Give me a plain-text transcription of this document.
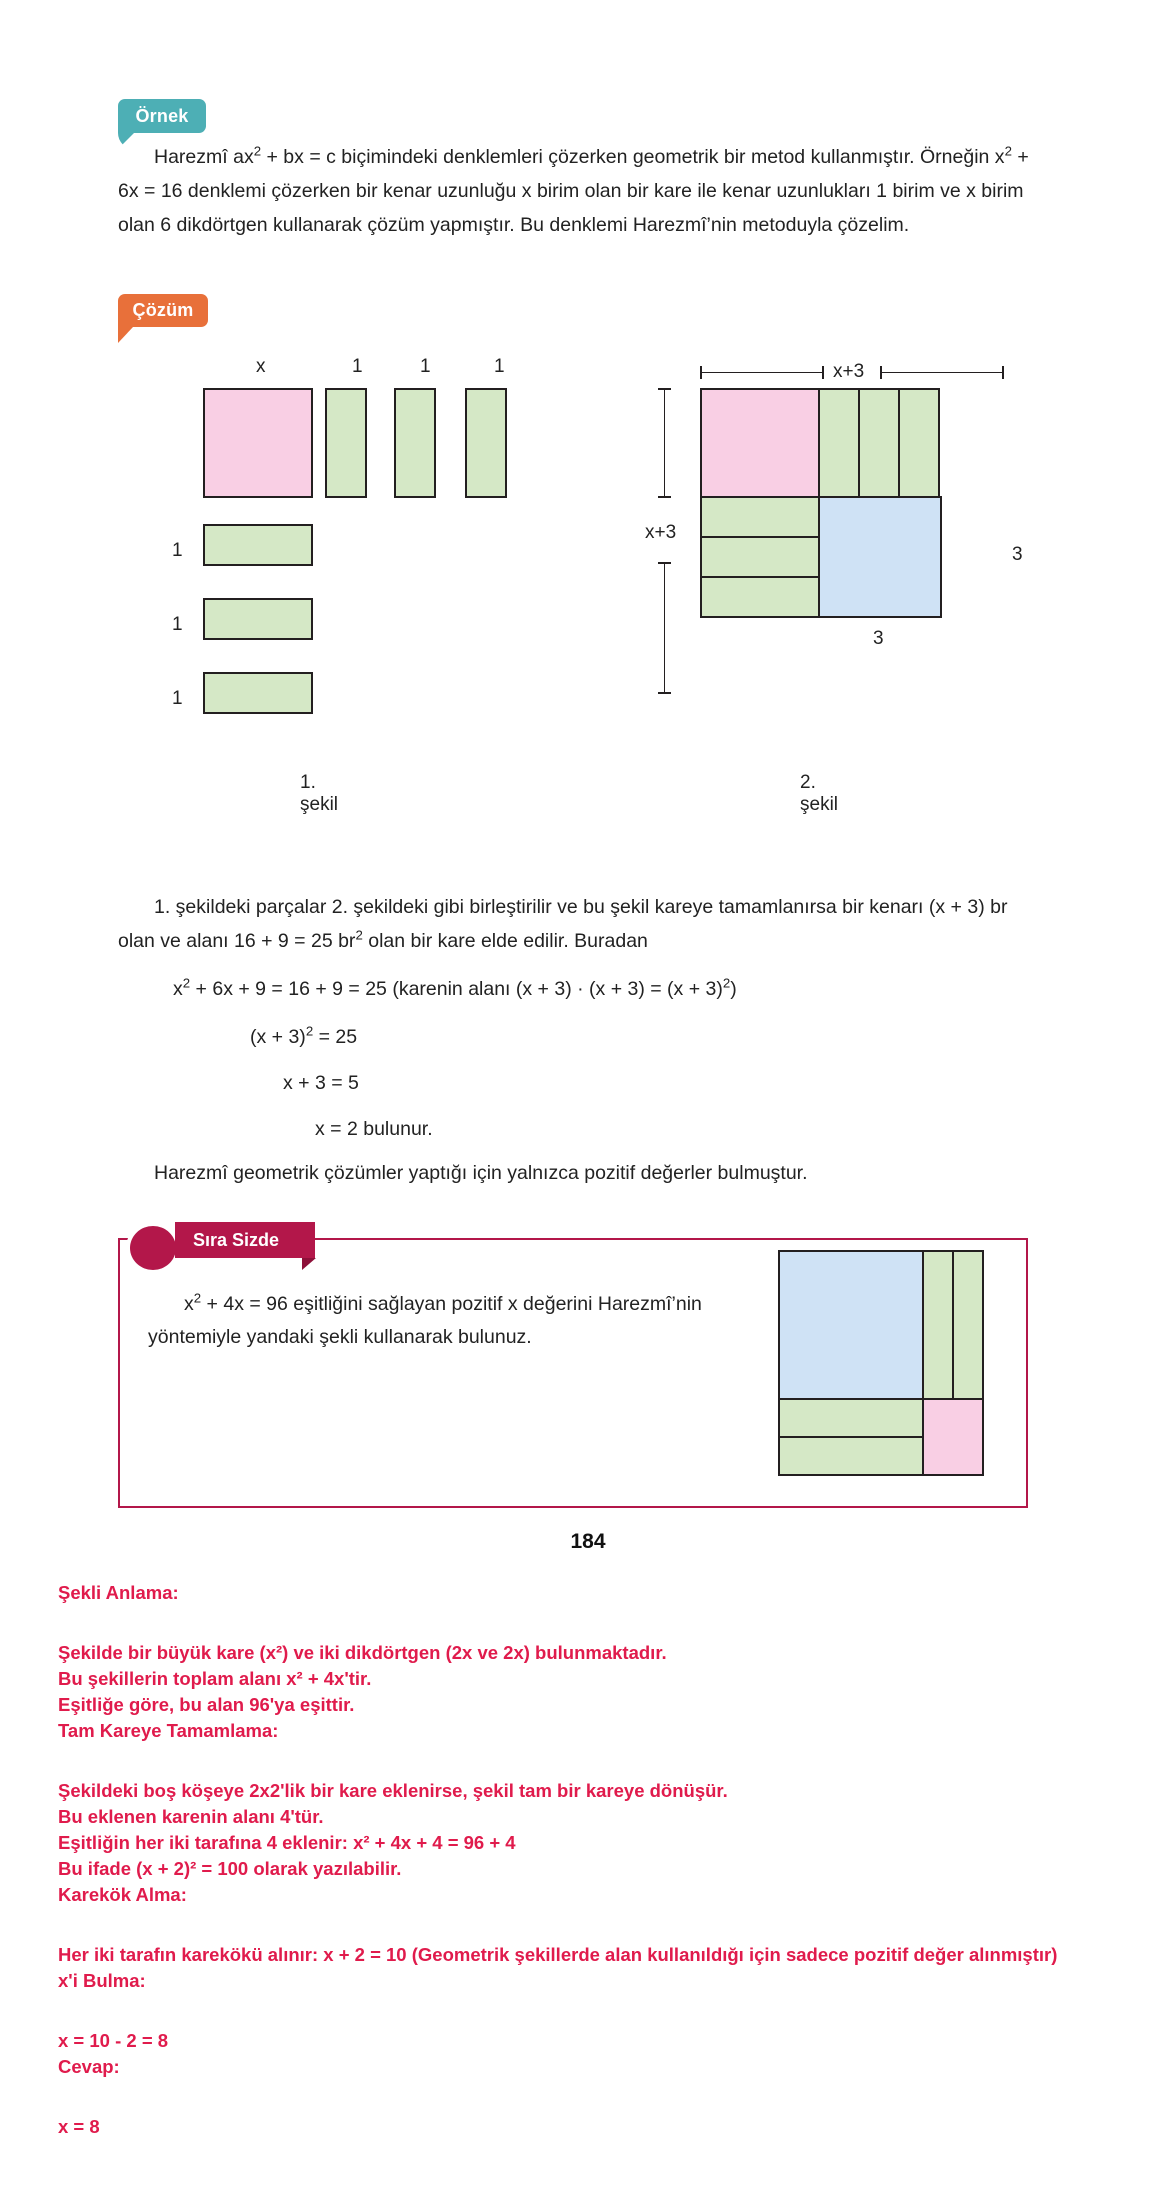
Örnek
Harezmî $ax^2$ + bx = c biçimindeki denklemleri çözerken geometrik bir metod kullanmıştır. Örneğin $x^2 + 6x = 16$ denklemi çözerken bir kenar uzunluğu x birim olan bir kare ile kenar uzunlukları 1 birim ve x birim olan 6 dikdörtgen kullanarak çözüm yapmıştır. Bu denklemi Harezmî’nin metoduyla çözelim.
Çözüm
x	1	1	1
1
1
1
1. şekil
x+3
x+3
3
3
2. şekil
1. şekildeki parçalar 2. şekildeki gibi birleştirilir ve bu şekil kareye tamamlanırsa bir kenarı (x + 3) br olan ve alanı 16 + 9 = 25 $br^2$ olan bir kare elde edilir. Buradan
$x^2 + 6x + 9 = 16 + 9 = 25$ (karenin alanı $(x + 3) \cdot (x + 3) = (x + 3)^2$)
$(x + 3)^2 = 25$
x + 3 = 5
x = 2 bulunur.
Harezmî geometrik çözümler yaptığı için yalnızca pozitif değerler bulmuştur.
Sıra Sizde
$x^2 + 4x = 96$ eşitliğini sağlayan pozitif x değerini Harezmî’nin yöntemiyle yandaki şekli kullanarak bulunuz.
184
Şekli Anlama:
Şekilde bir büyük kare (x²) ve iki dikdörtgen (2x ve 2x) bulunmaktadır.
Bu şekillerin toplam alanı x² + 4x'tir.
Eşitliğe göre, bu alan 96'ya eşittir.
Tam Kareye Tamamlama:
Şekildeki boş köşeye 2x2'lik bir kare eklenirse, şekil tam bir kareye dönüşür.
Bu eklenen karenin alanı 4'tür.
Eşitliğin her iki tarafına 4 eklenir: x² + 4x + 4 = 96 + 4
Bu ifade (x + 2)² = 100 olarak yazılabilir.
Karekök Alma:
Her iki tarafın karekökü alınır: x + 2 = 10 (Geometrik şekillerde alan kullanıldığı için sadece pozitif değer alınmıştır)
x'i Bulma:
x = 10 - 2 = 8
Cevap:
x = 8
